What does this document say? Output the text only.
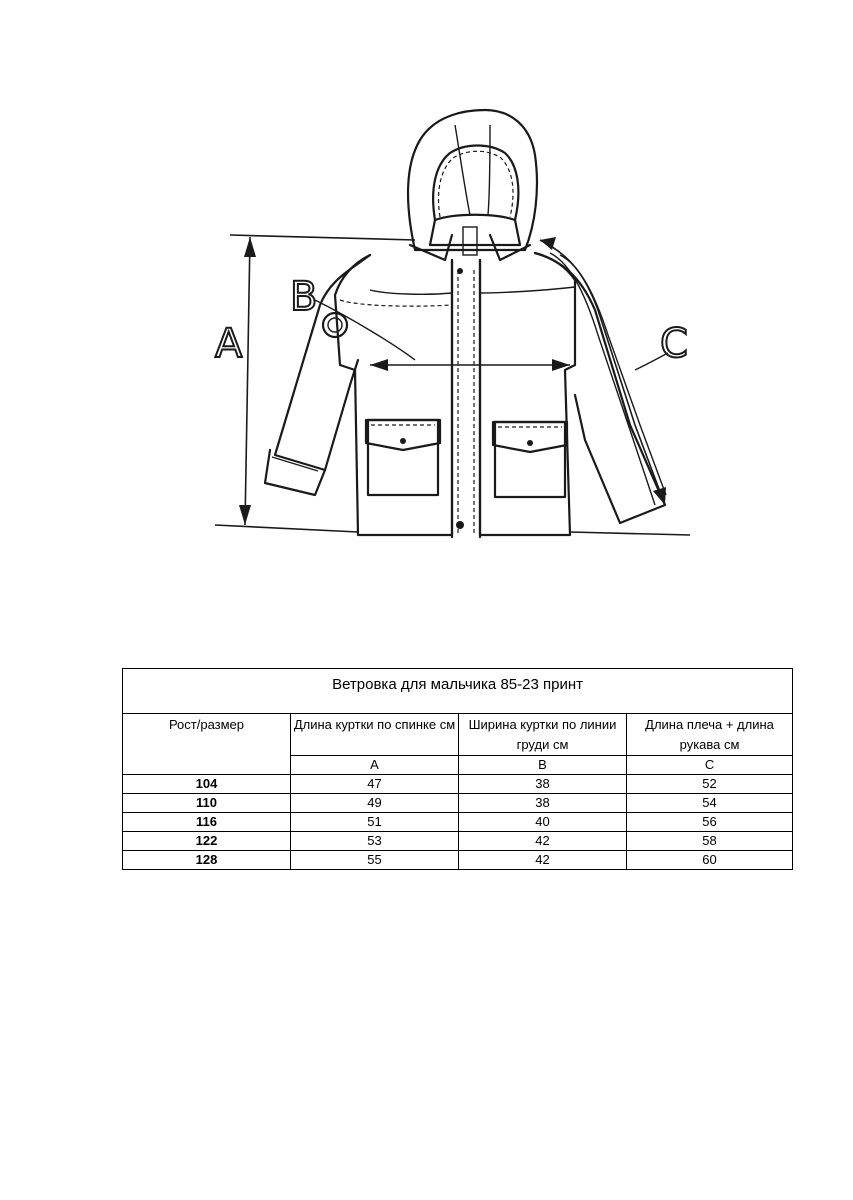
A
B
C
Ветровка для мальчика 85-23 принт			
Рост/размер	Длина куртки по спинке см	Ширина куртки по линии груди см	Длина плеча + длина рукава см
	A	B	C
104	47	38	52
110	49	38	54
116	51	40	56
122	53	42	58
128	55	42	60
